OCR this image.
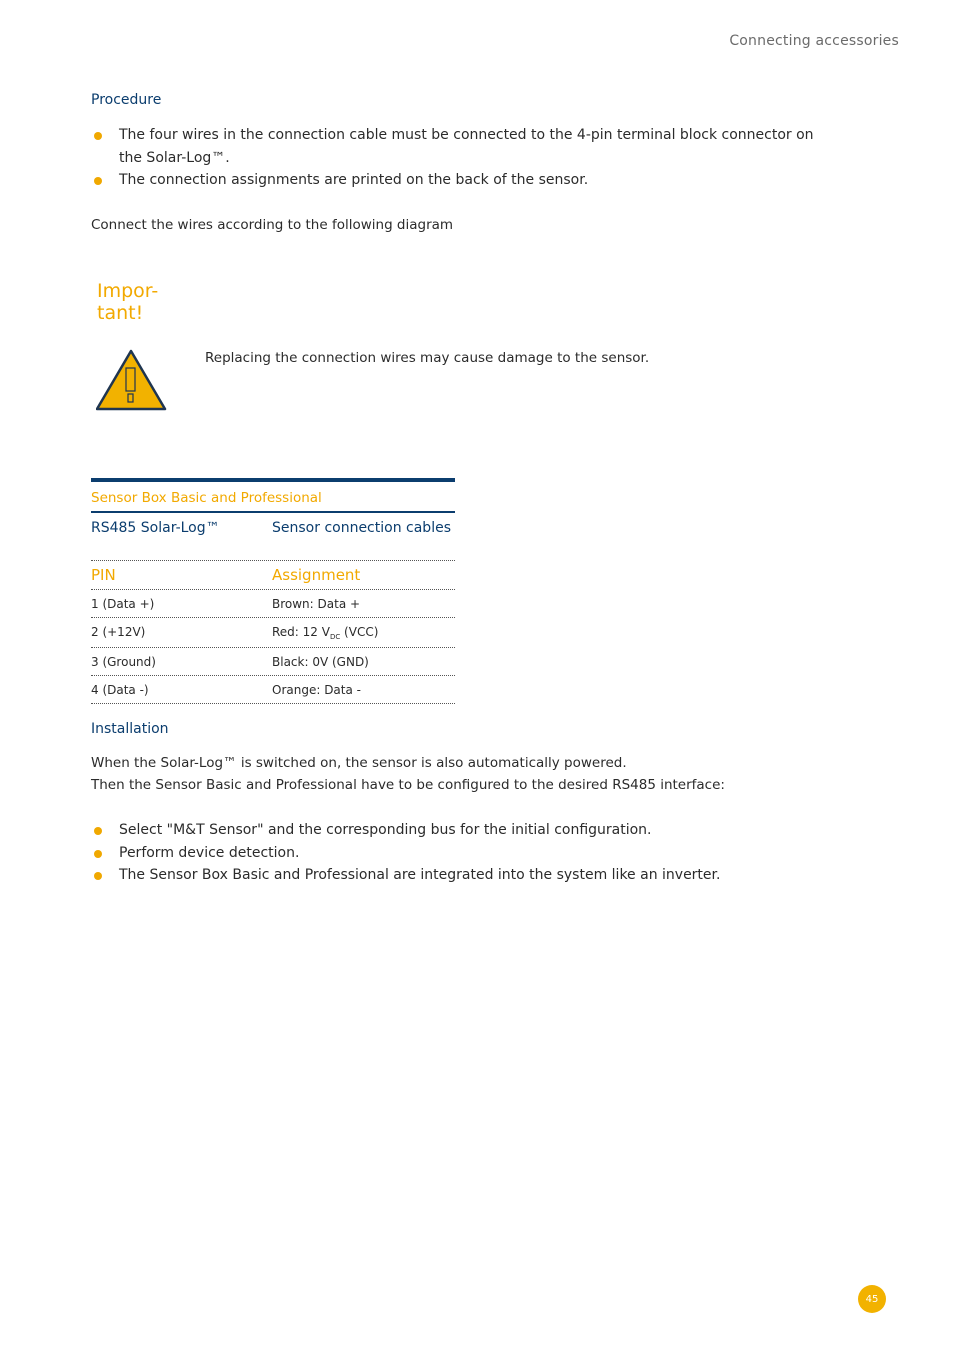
Connecting accessories
Procedure
The four wires in the connection cable must be connected to the 4-pin terminal block connector on the Solar-Log™.
The connection assignments are printed on the back of the sensor.
Connect the wires according to the following diagram
Impor-
tant!
Replacing the connection wires may cause damage to the sensor.
Sensor Box Basic and Professional
RS485 Solar-Log™	Sensor connection cables
PIN	Assignment
1 (Data +)	Brown: Data +
2 (+12V)	Red: 12 $V_{DC}$ (VCC)
3 (Ground)	Black: 0V (GND)
4 (Data -)	Orange: Data -
Installation
When the Solar-Log™ is switched on, the sensor is also automatically powered.
Then the Sensor Basic and Professional have to be configured to the desired RS485 interface:
Select "M&T Sensor" and the corresponding bus for the initial configuration.
Perform device detection.
The Sensor Box Basic and Professional are integrated into the system like an inverter.
45
